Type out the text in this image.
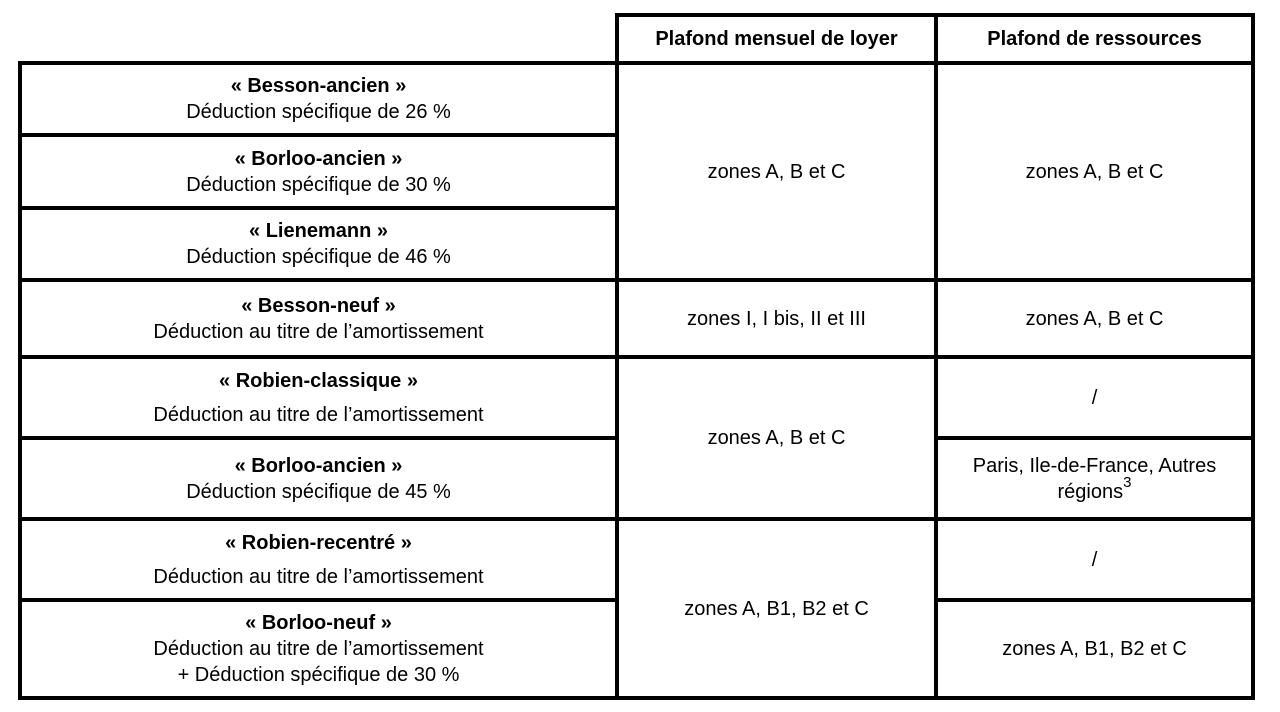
	Plafond mensuel de loyer	Plafond de ressources

« Besson-ancien »
Déduction spécifique de 26 %	zones A, B et C	zones A, B et C

« Borloo-ancien »
Déduction spécifique de 30 %		

« Lienemann »
Déduction spécifique de 46 %		

« Besson-neuf »
Déduction au titre de l’amortissement	zones I, I bis, II et III	zones A, B et C

« Robien-classique »
Déduction au titre de l’amortissement	zones A, B et C	/

« Borloo-ancien »
Déduction spécifique de 45 %		Paris, Ile-de-France, Autres
régions$^3$

« Robien-recentré »
Déduction au titre de l’amortissement	zones A, B1, B2 et C	/

« Borloo-neuf »
Déduction au titre de l’amortissement
+ Déduction spécifique de 30 %		zones A, B1, B2 et C
